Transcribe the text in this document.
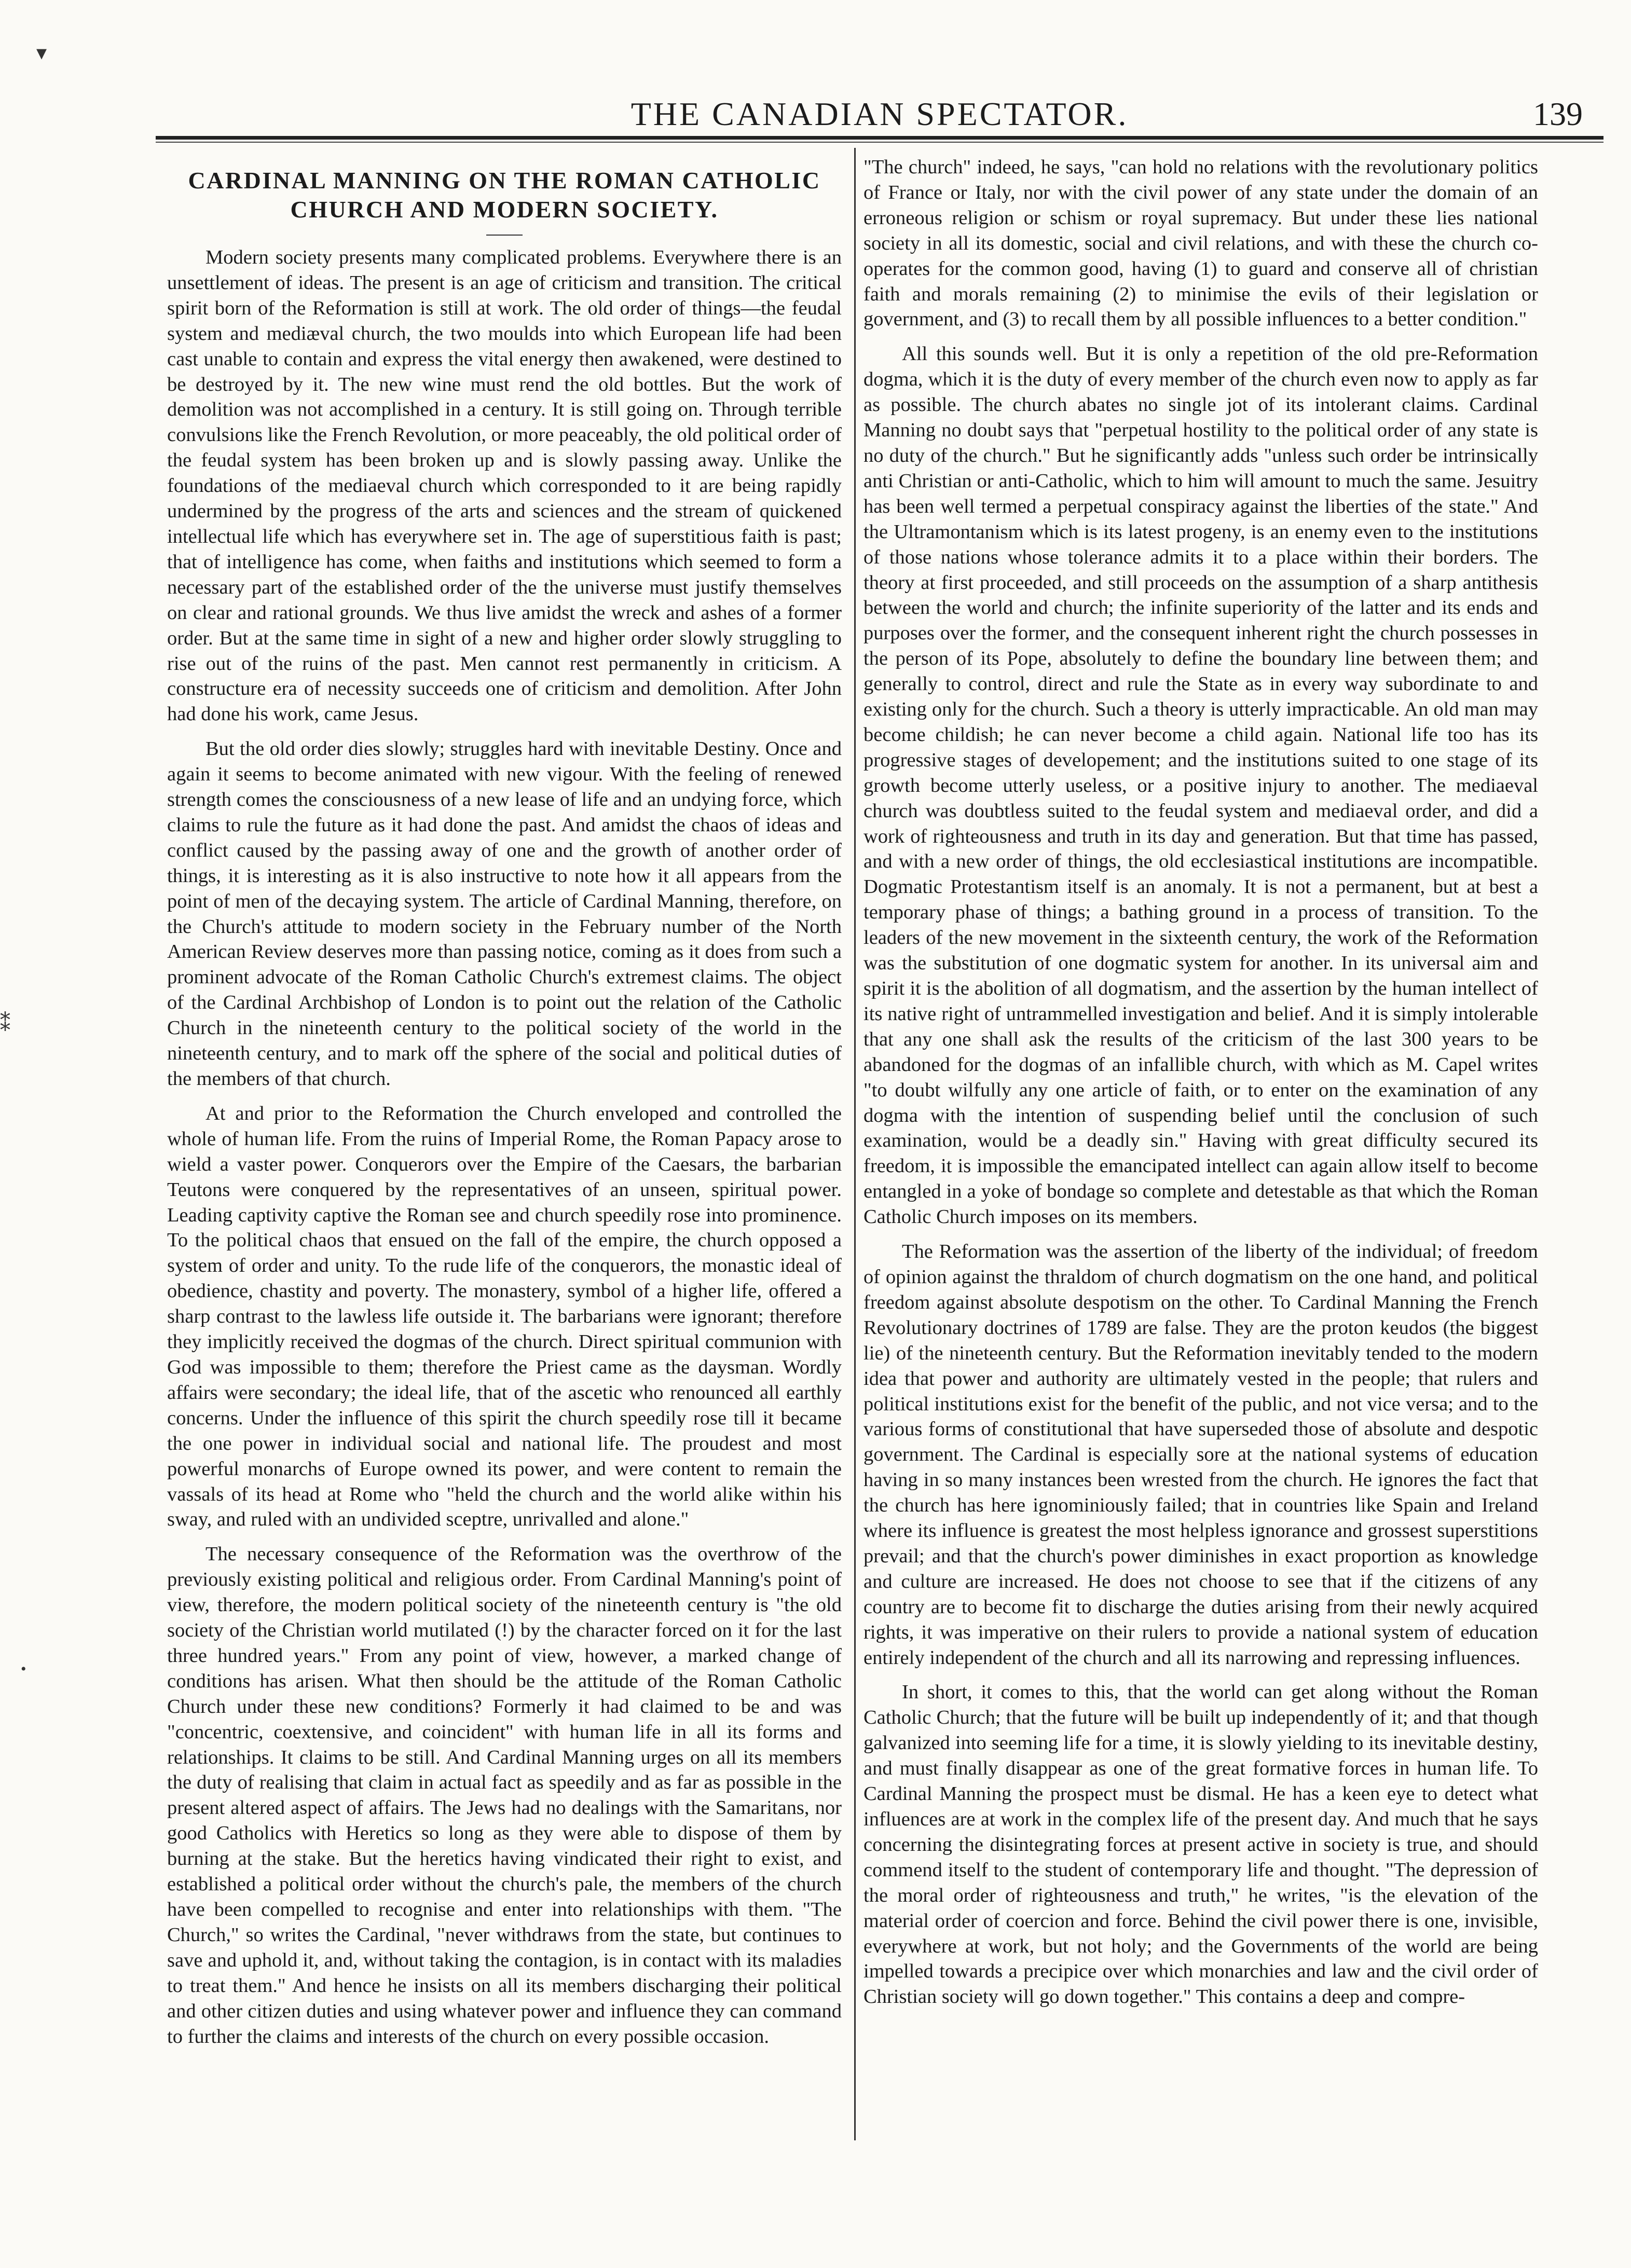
THE CANADIAN SPECTATOR.	139
CARDINAL MANNING ON THE ROMAN CATHOLIC
CHURCH AND MODERN SOCIETY.

Modern society presents many complicated problems. Everywhere there is an unsettlement of ideas. The present is an age of criticism and transition. The critical spirit born of the Reformation is still at work. The old order of things—the feudal system and mediæval church, the two moulds into which European life had been cast unable to contain and express the vital energy then awakened, were destined to be destroyed by it. The new wine must rend the old bottles. But the work of demolition was not accomplished in a century. It is still going on. Through terrible convulsions like the French Revolution, or more peaceably, the old political order of the feudal system has been broken up and is slowly passing away. Unlike the foundations of the mediaeval church which corresponded to it are being rapidly undermined by the progress of the arts and sciences and the stream of quickened intellectual life which has everywhere set in. The age of superstitious faith is past; that of intelligence has come, when faiths and institutions which seemed to form a necessary part of the established order of the the universe must justify themselves on clear and rational grounds. We thus live amidst the wreck and ashes of a former order. But at the same time in sight of a new and higher order slowly struggling to rise out of the ruins of the past. Men cannot rest permanently in criticism. A constructure era of necessity succeeds one of criticism and demolition. After John had done his work, came Jesus.

But the old order dies slowly; struggles hard with inevitable Destiny. Once and again it seems to become animated with new vigour. With the feeling of renewed strength comes the consciousness of a new lease of life and an undying force, which claims to rule the future as it had done the past. And amidst the chaos of ideas and conflict caused by the passing away of one and the growth of another order of things, it is interesting as it is also instructive to note how it all appears from the point of men of the decaying system. The article of Cardinal Manning, therefore, on the Church's attitude to modern society in the February number of the North American Review deserves more than passing notice, coming as it does from such a prominent advocate of the Roman Catholic Church's extremest claims. The object of the Cardinal Archbishop of London is to point out the relation of the Catholic Church in the nineteenth century to the political society of the world in the nineteenth century, and to mark off the sphere of the social and political duties of the members of that church.

At and prior to the Reformation the Church enveloped and controlled the whole of human life. From the ruins of Imperial Rome, the Roman Papacy arose to wield a vaster power. Conquerors over the Empire of the Caesars, the barbarian Teutons were conquered by the representatives of an unseen, spiritual power. Leading captivity captive the Roman see and church speedily rose into prominence. To the political chaos that ensued on the fall of the empire, the church opposed a system of order and unity. To the rude life of the conquerors, the monastic ideal of obedience, chastity and poverty. The monastery, symbol of a higher life, offered a sharp contrast to the lawless life outside it. The barbarians were ignorant; therefore they implicitly received the dogmas of the church. Direct spiritual communion with God was impossible to them; therefore the Priest came as the daysman. Wordly affairs were secondary; the ideal life, that of the ascetic who renounced all earthly concerns. Under the influence of this spirit the church speedily rose till it became the one power in individual social and national life. The proudest and most powerful monarchs of Europe owned its power, and were content to remain the vassals of its head at Rome who "held the church and the world alike within his sway, and ruled with an undivided sceptre, unrivalled and alone."

The necessary consequence of the Reformation was the overthrow of the previously existing political and religious order. From Cardinal Manning's point of view, therefore, the modern political society of the nineteenth century is "the old society of the Christian world mutilated (!) by the character forced on it for the last three hundred years." From any point of view, however, a marked change of conditions has arisen. What then should be the attitude of the Roman Catholic Church under these new conditions? Formerly it had claimed to be and was "concentric, coextensive, and coincident" with human life in all its forms and relationships. It claims to be still. And Cardinal Manning urges on all its members the duty of realising that claim in actual fact as speedily and as far as possible in the present altered aspect of affairs. The Jews had no dealings with the Samaritans, nor good Catholics with Heretics so long as they were able to dispose of them by burning at the stake. But the heretics having vindicated their right to exist, and established a political order without the church's pale, the members of the church have been compelled to recognise and enter into relationships with them. "The Church," so writes the Cardinal, "never withdraws from the state, but continues to save and uphold it, and, without taking the contagion, is in contact with its maladies to treat them." And hence he insists on all its members discharging their political and other citizen duties and using whatever power and influence they can command to further the claims and interests of the church on every possible occasion.

"The church" indeed, he says, "can hold no relations with the revolutionary politics of France or Italy, nor with the civil power of any state under the domain of an erroneous religion or schism or royal supremacy. But under these lies national society in all its domestic, social and civil relations, and with these the church co-operates for the common good, having (1) to guard and conserve all of christian faith and morals remaining (2) to minimise the evils of their legislation or government, and (3) to recall them by all possible influences to a better condition."

All this sounds well. But it is only a repetition of the old pre-Reformation dogma, which it is the duty of every member of the church even now to apply as far as possible. The church abates no single jot of its intolerant claims. Cardinal Manning no doubt says that "perpetual hostility to the political order of any state is no duty of the church." But he significantly adds "unless such order be intrinsically anti Christian or anti-Catholic, which to him will amount to much the same. Jesuitry has been well termed a perpetual conspiracy against the liberties of the state." And the Ultramontanism which is its latest progeny, is an enemy even to the institutions of those nations whose tolerance admits it to a place within their borders. The theory at first proceeded, and still proceeds on the assumption of a sharp antithesis between the world and church; the infinite superiority of the latter and its ends and purposes over the former, and the consequent inherent right the church possesses in the person of its Pope, absolutely to define the boundary line between them; and generally to control, direct and rule the State as in every way subordinate to and existing only for the church. Such a theory is utterly impracticable. An old man may become childish; he can never become a child again. National life too has its progressive stages of developement; and the institutions suited to one stage of its growth become utterly useless, or a positive injury to another. The mediaeval church was doubtless suited to the feudal system and mediaeval order, and did a work of righteousness and truth in its day and generation. But that time has passed, and with a new order of things, the old ecclesiastical institutions are incompatible. Dogmatic Protestantism itself is an anomaly. It is not a permanent, but at best a temporary phase of things; a bathing ground in a process of transition. To the leaders of the new movement in the sixteenth century, the work of the Reformation was the substitution of one dogmatic system for another. In its universal aim and spirit it is the abolition of all dogmatism, and the assertion by the human intellect of its native right of untrammelled investigation and belief. And it is simply intolerable that any one shall ask the results of the criticism of the last 300 years to be abandoned for the dogmas of an infallible church, with which as M. Capel writes "to doubt wilfully any one article of faith, or to enter on the examination of any dogma with the intention of suspending belief until the conclusion of such examination, would be a deadly sin." Having with great difficulty secured its freedom, it is impossible the emancipated intellect can again allow itself to become entangled in a yoke of bondage so complete and detestable as that which the Roman Catholic Church imposes on its members.

The Reformation was the assertion of the liberty of the individual; of freedom of opinion against the thraldom of church dogmatism on the one hand, and political freedom against absolute despotism on the other. To Cardinal Manning the French Revolutionary doctrines of 1789 are false. They are the proton keudos (the biggest lie) of the nineteenth century. But the Reformation inevitably tended to the modern idea that power and authority are ultimately vested in the people; that rulers and political institutions exist for the benefit of the public, and not vice versa; and to the various forms of constitutional that have superseded those of absolute and despotic government. The Cardinal is especially sore at the national systems of education having in so many instances been wrested from the church. He ignores the fact that the church has here ignominiously failed; that in countries like Spain and Ireland where its influence is greatest the most helpless ignorance and grossest superstitions prevail; and that the church's power diminishes in exact proportion as knowledge and culture are increased. He does not choose to see that if the citizens of any country are to become fit to discharge the duties arising from their newly acquired rights, it was imperative on their rulers to provide a national system of education entirely independent of the church and all its narrowing and repressing influences.

In short, it comes to this, that the world can get along without the Roman Catholic Church; that the future will be built up independently of it; and that though galvanized into seeming life for a time, it is slowly yielding to its inevitable destiny, and must finally disappear as one of the great formative forces in human life. To Cardinal Manning the prospect must be dismal. He has a keen eye to detect what influences are at work in the complex life of the present day. And much that he says concerning the disintegrating forces at present active in society is true, and should commend itself to the student of contemporary life and thought. "The depression of the moral order of righteousness and truth," he writes, "is the elevation of the material order of coercion and force. Behind the civil power there is one, invisible, everywhere at work, but not holy; and the Governments of the world are being impelled towards a precipice over which monarchies and law and the civil order of Christian society will go down together." This contains a deep and compre-

▾
⁑
•
